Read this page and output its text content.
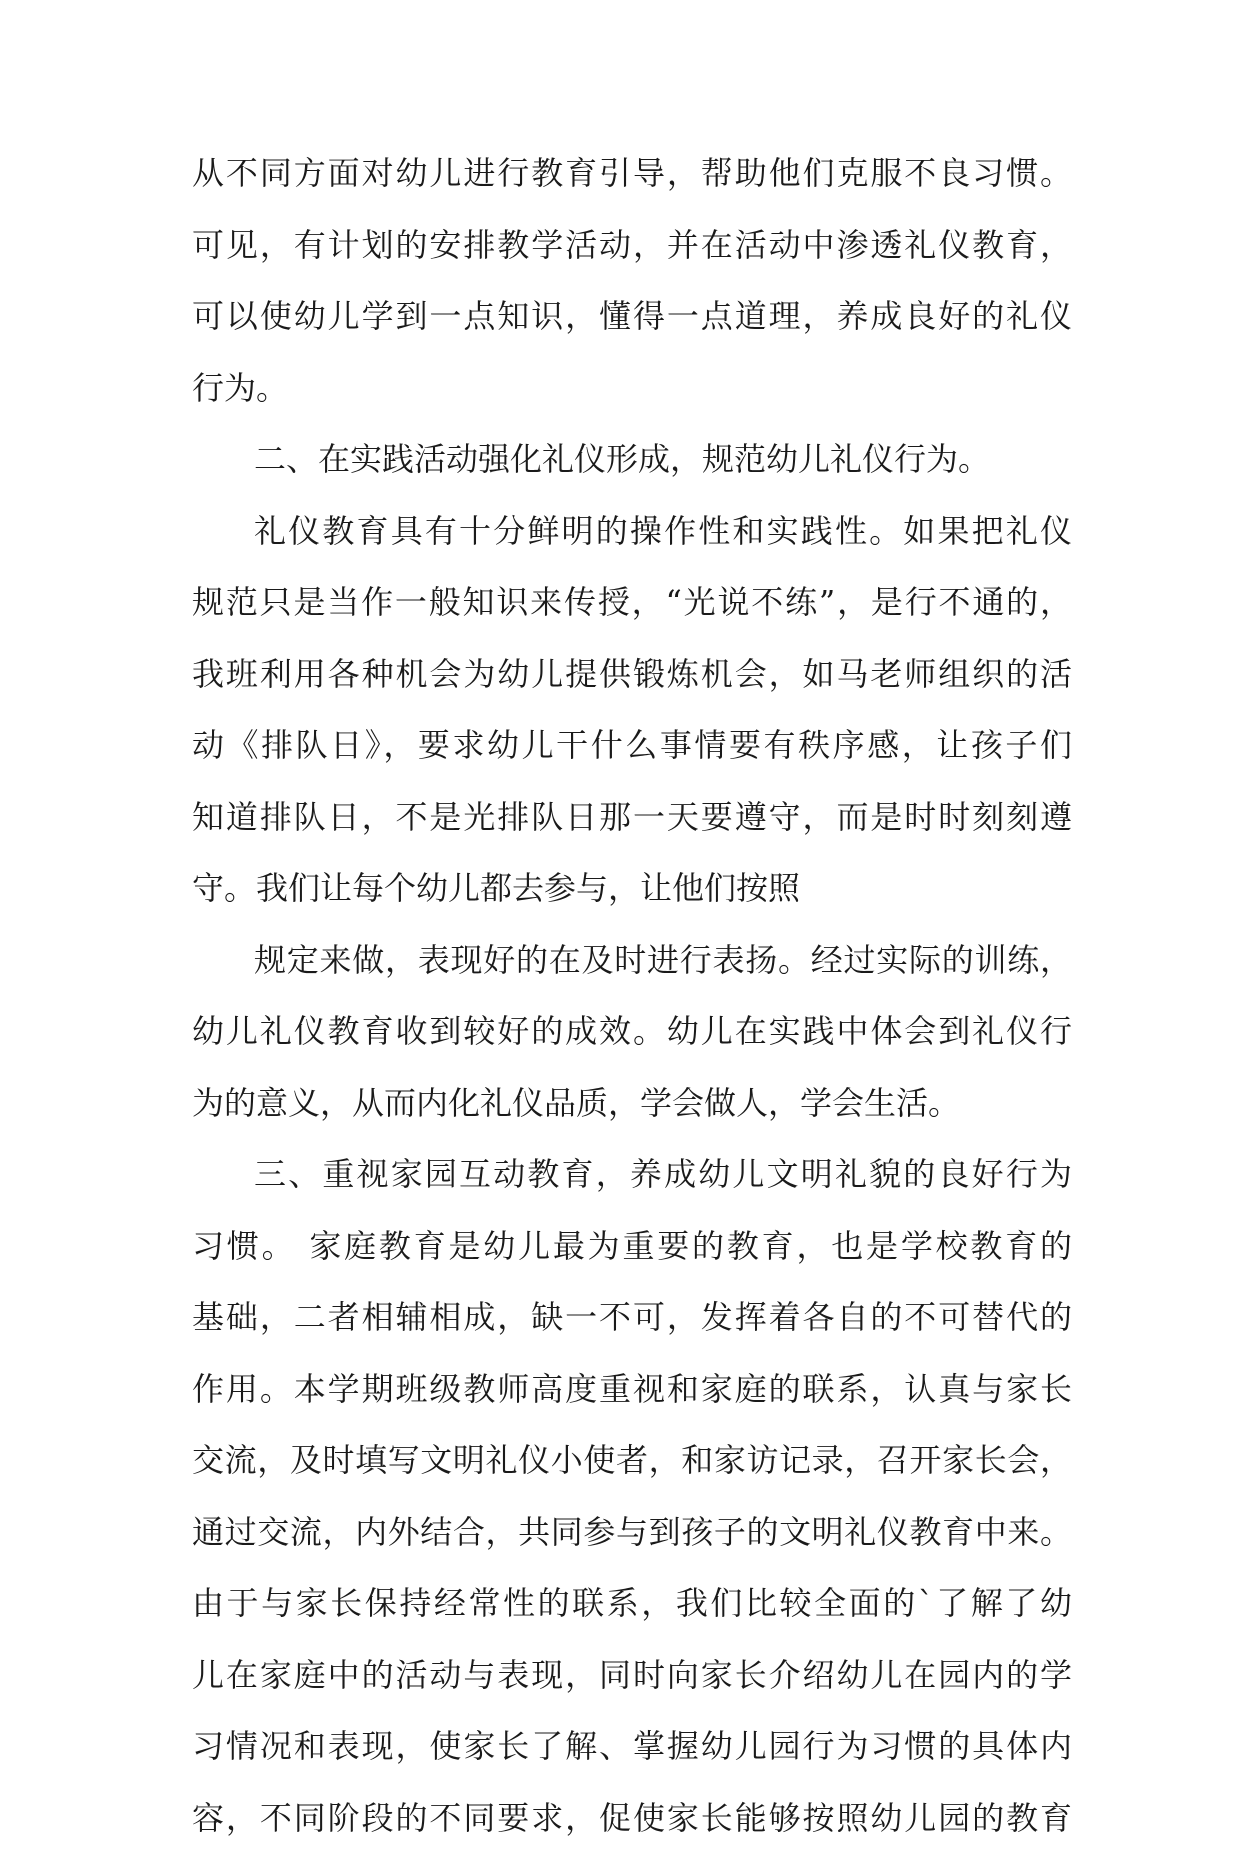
从不同方面对幼儿进行教育引导，帮助他们克服不良习惯。
可见，有计划的安排教学活动，并在活动中渗透礼仪教育，
可以使幼儿学到一点知识，懂得一点道理，养成良好的礼仪
行为。
二、在实践活动强化礼仪形成，规范幼儿礼仪行为。
礼仪教育具有十分鲜明的操作性和实践性。如果把礼仪
规范只是当作一般知识来传授，“光说不练”，是行不通的，
我班利用各种机会为幼儿提供锻炼机会，如马老师组织的活
动《排队日》，要求幼儿干什么事情要有秩序感，让孩子们
知道排队日，不是光排队日那一天要遵守，而是时时刻刻遵
守。我们让每个幼儿都去参与，让他们按照
规定来做，表现好的在及时进行表扬。经过实际的训练，
幼儿礼仪教育收到较好的成效。幼儿在实践中体会到礼仪行
为的意义，从而内化礼仪品质，学会做人，学会生活。
三、重视家园互动教育，养成幼儿文明礼貌的良好行为
习惯。 家庭教育是幼儿最为重要的教育，也是学校教育的
基础，二者相辅相成，缺一不可，发挥着各自的不可替代的
作用。本学期班级教师高度重视和家庭的联系，认真与家长
交流，及时填写文明礼仪小使者，和家访记录，召开家长会，
通过交流，内外结合，共同参与到孩子的文明礼仪教育中来。
由于与家长保持经常性的联系，我们比较全面的`了解了幼
儿在家庭中的活动与表现，同时向家长介绍幼儿在园内的学
习情况和表现，使家长了解、掌握幼儿园行为习惯的具体内
容，不同阶段的不同要求，促使家长能够按照幼儿园的教育
